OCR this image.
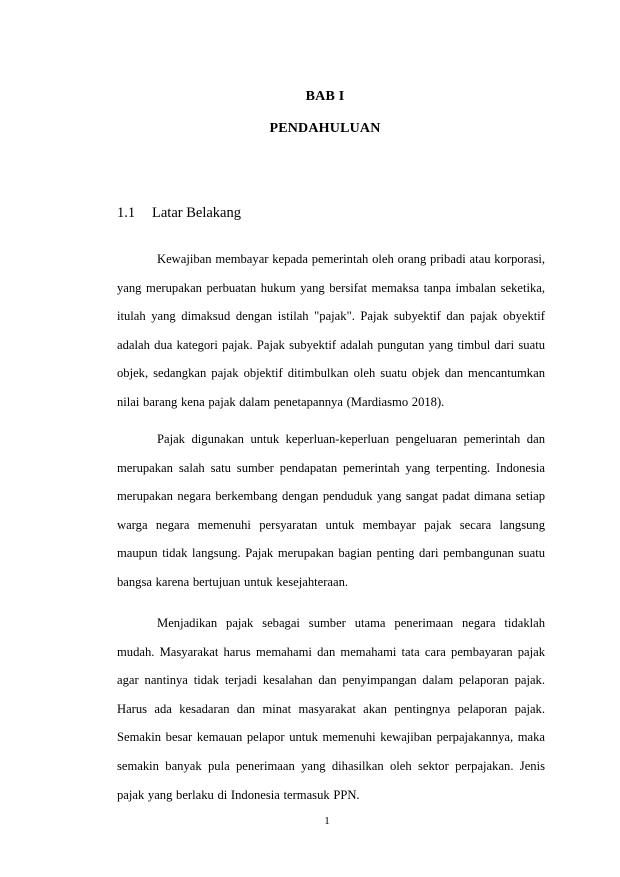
BAB I
PENDAHULUAN
1.1 Latar Belakang

Kewajiban membayar kepada pemerintah oleh orang pribadi atau korporasi, yang merupakan perbuatan hukum yang bersifat memaksa tanpa imbalan seketika, itulah yang dimaksud dengan istilah "pajak". Pajak subyektif dan pajak obyektif adalah dua kategori pajak. Pajak subyektif adalah pungutan yang timbul dari suatu objek, sedangkan pajak objektif ditimbulkan oleh suatu objek dan mencantumkan nilai barang kena pajak dalam penetapannya (Mardiasmo 2018).

Pajak digunakan untuk keperluan-keperluan pengeluaran pemerintah dan merupakan salah satu sumber pendapatan pemerintah yang terpenting. Indonesia merupakan negara berkembang dengan penduduk yang sangat padat dimana setiap warga negara memenuhi persyaratan untuk membayar pajak secara langsung maupun tidak langsung. Pajak merupakan bagian penting dari pembangunan suatu bangsa karena bertujuan untuk kesejahteraan.

Menjadikan pajak sebagai sumber utama penerimaan negara tidaklah mudah. Masyarakat harus memahami dan memahami tata cara pembayaran pajak agar nantinya tidak terjadi kesalahan dan penyimpangan dalam pelaporan pajak. Harus ada kesadaran dan minat masyarakat akan pentingnya pelaporan pajak. Semakin besar kemauan pelapor untuk memenuhi kewajiban perpajakannya, maka semakin banyak pula penerimaan yang dihasilkan oleh sektor perpajakan. Jenis pajak yang berlaku di Indonesia termasuk PPN.

1
